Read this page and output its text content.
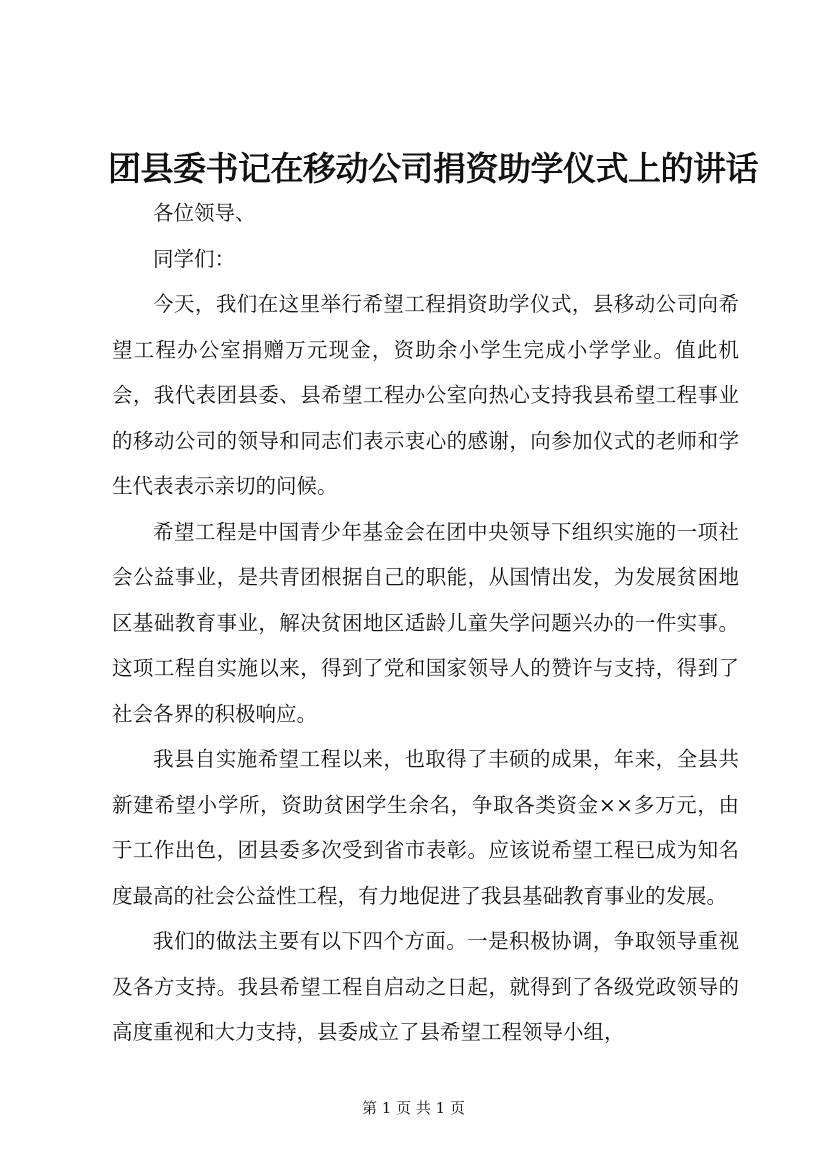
团县委书记在移动公司捐资助学仪式上的讲话

各位领导、

同学们：

今天，我们在这里举行希望工程捐资助学仪式，县移动公司向希望工程办公室捐赠万元现金，资助余小学生完成小学学业。值此机会，我代表团县委、县希望工程办公室向热心支持我县希望工程事业的移动公司的领导和同志们表示衷心的感谢，向参加仪式的老师和学生代表表示亲切的问候。

希望工程是中国青少年基金会在团中央领导下组织实施的一项社会公益事业，是共青团根据自己的职能，从国情出发，为发展贫困地区基础教育事业，解决贫困地区适龄儿童失学问题兴办的一件实事。这项工程自实施以来，得到了党和国家领导人的赞许与支持，得到了社会各界的积极响应。

我县自实施希望工程以来，也取得了丰硕的成果，年来，全县共新建希望小学所，资助贫困学生余名，争取各类资金××多万元，由于工作出色，团县委多次受到省市表彰。应该说希望工程已成为知名度最高的社会公益性工程，有力地促进了我县基础教育事业的发展。

我们的做法主要有以下四个方面。一是积极协调，争取领导重视及各方支持。我县希望工程自启动之日起，就得到了各级党政领导的高度重视和大力支持，县委成立了县希望工程领导小组，

第 1 页 共 1 页
